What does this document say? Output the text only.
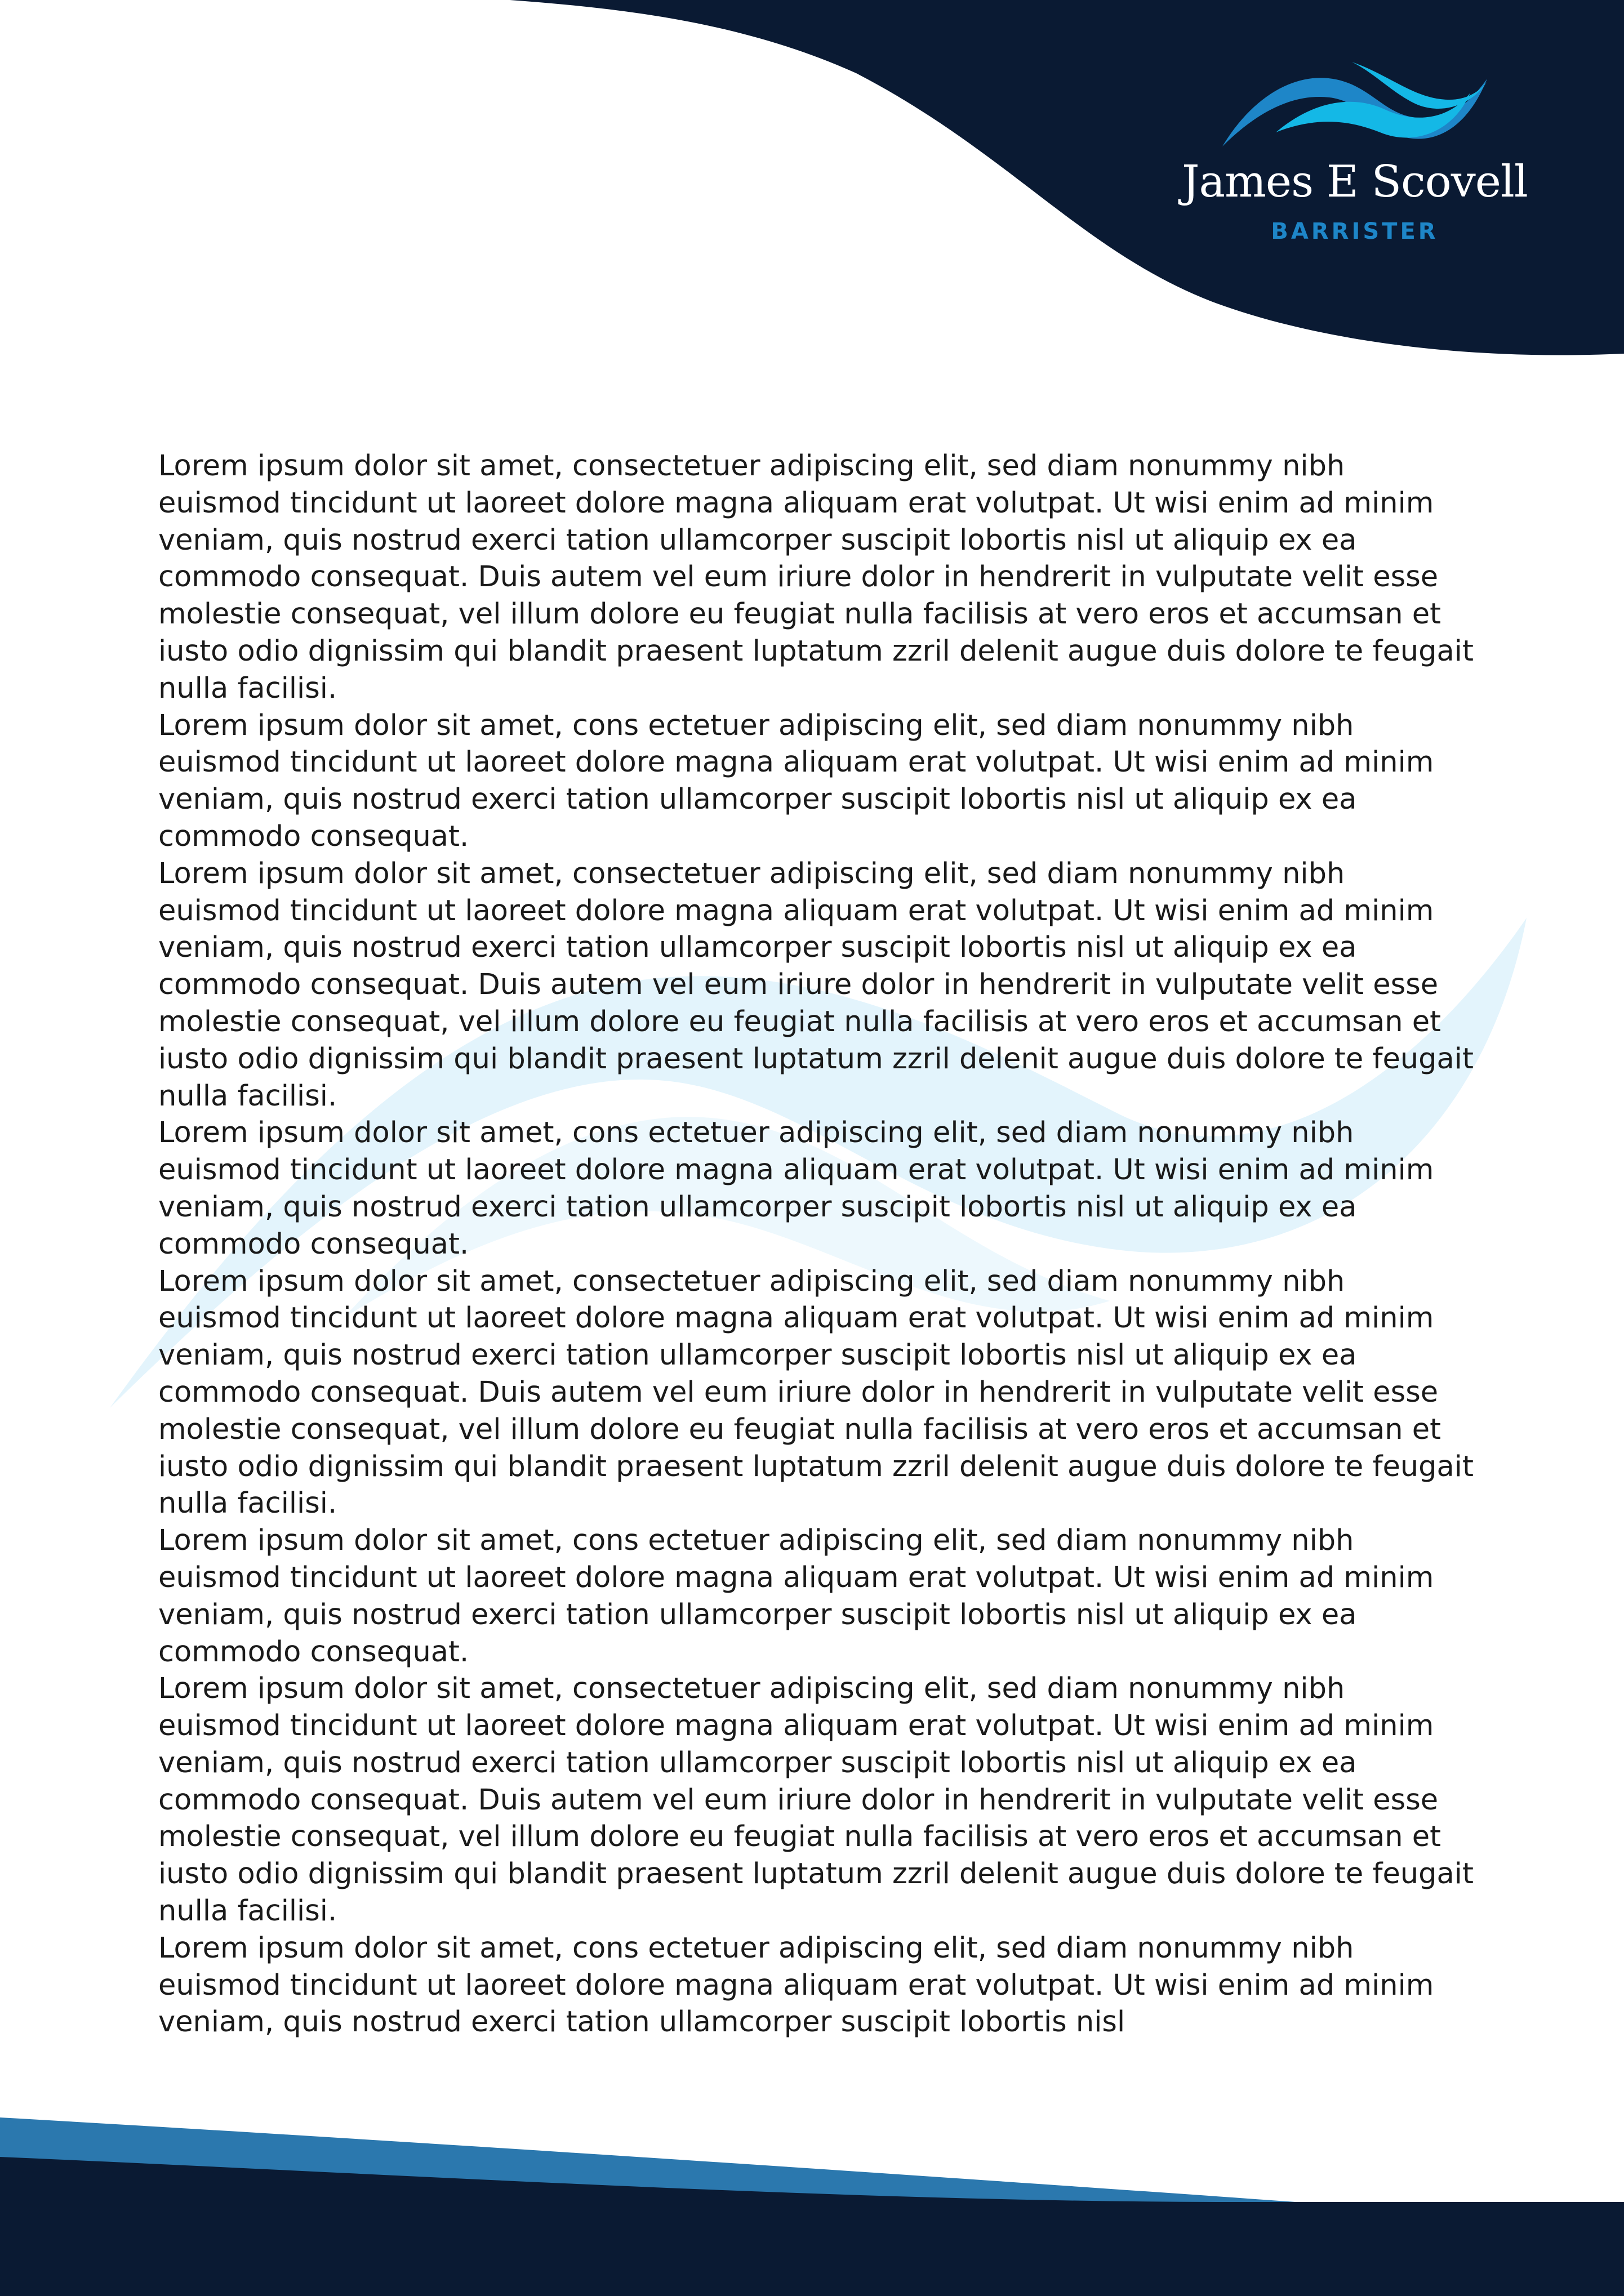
James E Scovell
BARRISTER

Lorem ipsum dolor sit amet, consectetuer adipiscing elit, sed diam nonummy nibh euismod tincidunt ut laoreet dolore magna aliquam erat volutpat. Ut wisi enim ad minim veniam, quis nostrud exerci tation ullamcorper suscipit lobortis nisl ut aliquip ex ea commodo consequat. Duis autem vel eum iriure dolor in hendrerit in vulputate velit esse molestie consequat, vel illum dolore eu feugiat nulla facilisis at vero eros et accumsan et iusto odio dignissim qui blandit praesent luptatum zzril delenit augue duis dolore te feugait nulla facilisi.

Lorem ipsum dolor sit amet, cons ectetuer adipiscing elit, sed diam nonummy nibh euismod tincidunt ut laoreet dolore magna aliquam erat volutpat. Ut wisi enim ad minim veniam, quis nostrud exerci tation ullamcorper suscipit lobortis nisl ut aliquip ex ea commodo consequat.

Lorem ipsum dolor sit amet, consectetuer adipiscing elit, sed diam nonummy nibh euismod tincidunt ut laoreet dolore magna aliquam erat volutpat. Ut wisi enim ad minim veniam, quis nostrud exerci tation ullamcorper suscipit lobortis nisl ut aliquip ex ea commodo consequat. Duis autem vel eum iriure dolor in hendrerit in vulputate velit esse molestie consequat, vel illum dolore eu feugiat nulla facilisis at vero eros et accumsan et iusto odio dignissim qui blandit praesent luptatum zzril delenit augue duis dolore te feugait nulla facilisi.

Lorem ipsum dolor sit amet, cons ectetuer adipiscing elit, sed diam nonummy nibh euismod tincidunt ut laoreet dolore magna aliquam erat volutpat. Ut wisi enim ad minim veniam, quis nostrud exerci tation ullamcorper suscipit lobortis nisl ut aliquip ex ea commodo consequat.

Lorem ipsum dolor sit amet, consectetuer adipiscing elit, sed diam nonummy nibh euismod tincidunt ut laoreet dolore magna aliquam erat volutpat. Ut wisi enim ad minim veniam, quis nostrud exerci tation ullamcorper suscipit lobortis nisl ut aliquip ex ea commodo consequat. Duis autem vel eum iriure dolor in hendrerit in vulputate velit esse molestie consequat, vel illum dolore eu feugiat nulla facilisis at vero eros et accumsan et iusto odio dignissim qui blandit praesent luptatum zzril delenit augue duis dolore te feugait nulla facilisi.

Lorem ipsum dolor sit amet, cons ectetuer adipiscing elit, sed diam nonummy nibh euismod tincidunt ut laoreet dolore magna aliquam erat volutpat. Ut wisi enim ad minim veniam, quis nostrud exerci tation ullamcorper suscipit lobortis nisl ut aliquip ex ea commodo consequat.

Lorem ipsum dolor sit amet, consectetuer adipiscing elit, sed diam nonummy nibh euismod tincidunt ut laoreet dolore magna aliquam erat volutpat. Ut wisi enim ad minim veniam, quis nostrud exerci tation ullamcorper suscipit lobortis nisl ut aliquip ex ea commodo consequat. Duis autem vel eum iriure dolor in hendrerit in vulputate velit esse molestie consequat, vel illum dolore eu feugiat nulla facilisis at vero eros et accumsan et iusto odio dignissim qui blandit praesent luptatum zzril delenit augue duis dolore te feugait nulla facilisi.

Lorem ipsum dolor sit amet, cons ectetuer adipiscing elit, sed diam nonummy nibh euismod tincidunt ut laoreet dolore magna aliquam erat volutpat. Ut wisi enim ad minim veniam, quis nostrud exerci tation ullamcorper suscipit lobortis nisl
